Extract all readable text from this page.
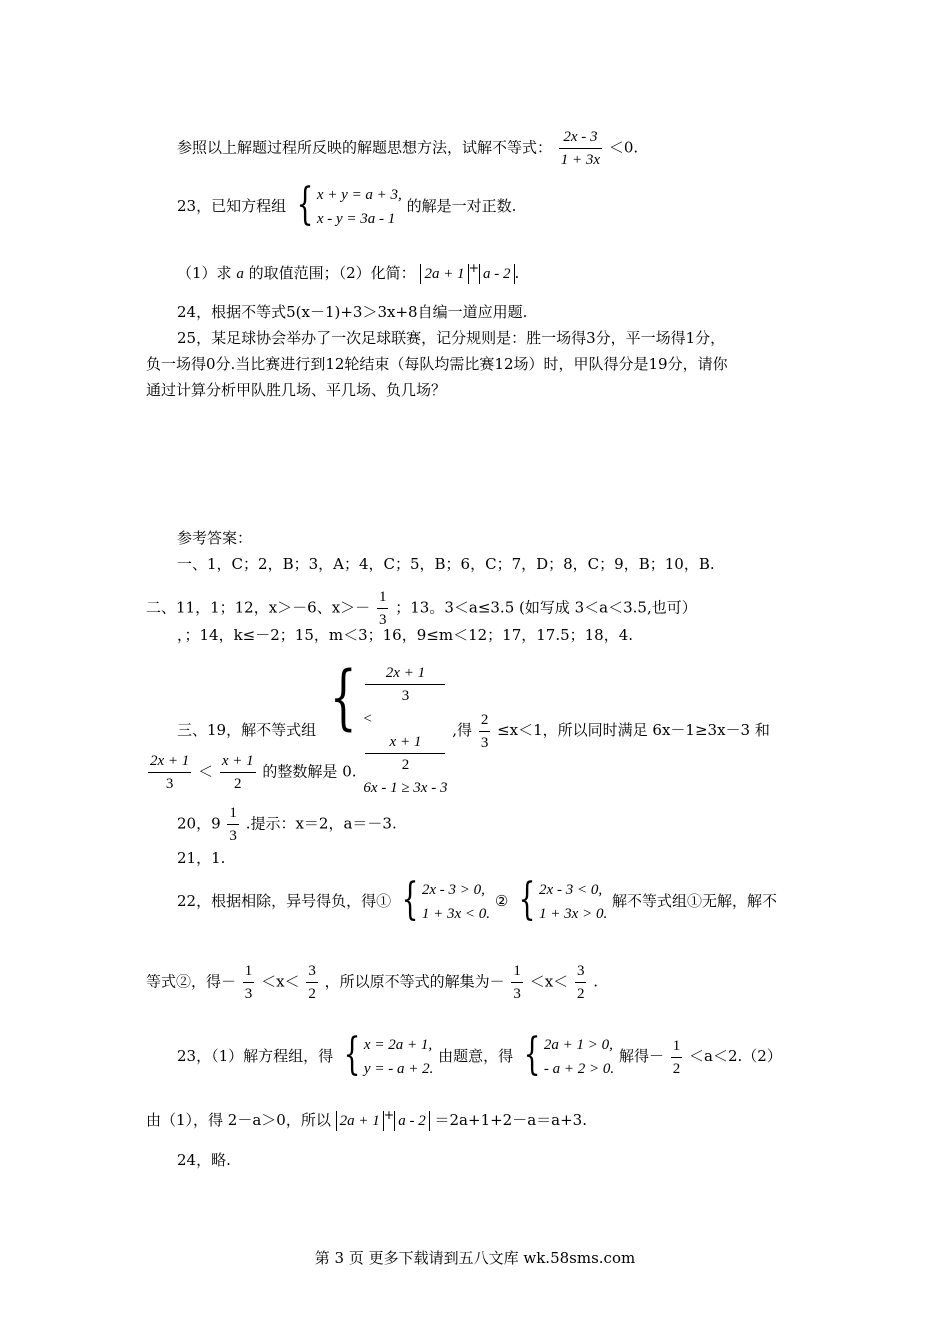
参照以上解题过程所反映的解题思想方法，试解不等式： $\frac{2x - 3}{1 + 3x} <0$.
23，已知方程组 { x + y = a + 3,
x - y = 3a - 1
的解是一对正数.
（1）求 a 的取值范围；（2）化简： 2a + 1 + a - 2 .
24，根据不等式5(x－1)+3＞3x+8自编一道应用题.
25，某足球协会举办了一次足球联赛，记分规则是：胜一场得3分，平一场得1分，
负一场得0分.当比赛进行到12轮结束（每队均需比赛12场）时，甲队得分是19分，请你
通过计算分析甲队胜几场、平几场、负几场？
参考答案：
一、1，C；2，B；3，A；4，C；5，B；6，C；7，D；8，C；9，B；10，B.
二、11，1；12，x＞－6、$x>- \frac{1}{3}$ ；13。3＜a≤3.5 (如写成 3＜a＜3.5,也可）
，；14，k≤－2；15，m＜3；16，9≤m＜12；17，17.5；18，4.
三、19，解不等式组 {	2x + 1
3
<
x + 1
2
6x - 1 ≥ 3x - 3
,得 $\frac{2}{3} \le x<1$，所以同时满足 6x－1≥3x－3 和
$\frac{2x + 1}{3} < \frac{x + 1}{2}$ 的整数解是 0.
20，$9 \frac{1}{3}$ .提示：x＝2，a＝－3.
21，1.
22，根据相除，异号得负，得① { 2x - 3 > 0,
1 + 3x < 0.
② { 2x - 3 < 0,
1 + 3x > 0.
解不等式组①无解，解不
等式②，得－ $\frac{1}{3} <x< \frac{3}{2}$ ，所以原不等式的解集为－ $\frac{1}{3} <x< \frac{3}{2}$ .
23，（1）解方程组，得 { x = 2a + 1,
y = - a + 2.
由题意，得 { 2a + 1 > 0,
- a + 2 > 0.
解得－ $\frac{1}{2} <a<2.(2)$
由（1），得 2－a＞0，所以 2a + 1 + a - 2 ＝2a+1+2－a＝a+3.
24，略.
第 3 页 更多下载请到五八文库 wk.58sms.com
